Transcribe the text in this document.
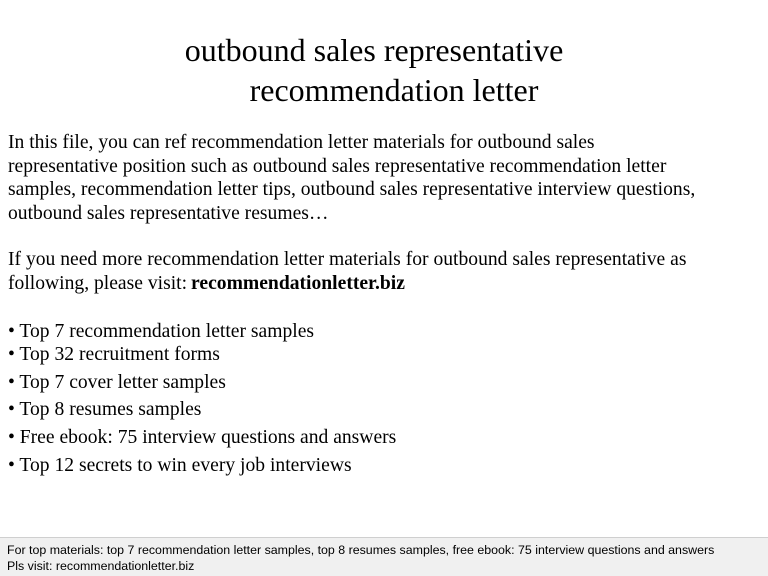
outbound sales representative
recommendation letter

In this file, you can ref recommendation letter materials for outbound sales
representative position such as outbound sales representative recommendation letter
samples, recommendation letter tips, outbound sales representative interview questions,
outbound sales representative resumes…

If you need more recommendation letter materials for outbound sales representative as
following, please visit: recommendationletter.biz

• Top 7 recommendation letter samples
• Top 32 recruitment forms
• Top 7 cover letter samples
• Top 8 resumes samples
• Free ebook: 75 interview questions and answers
• Top 12 secrets to win every job interviews
For top materials: top 7 recommendation letter samples, top 8 resumes samples, free ebook: 75 interview questions and answers
Pls visit: recommendationletter.biz
